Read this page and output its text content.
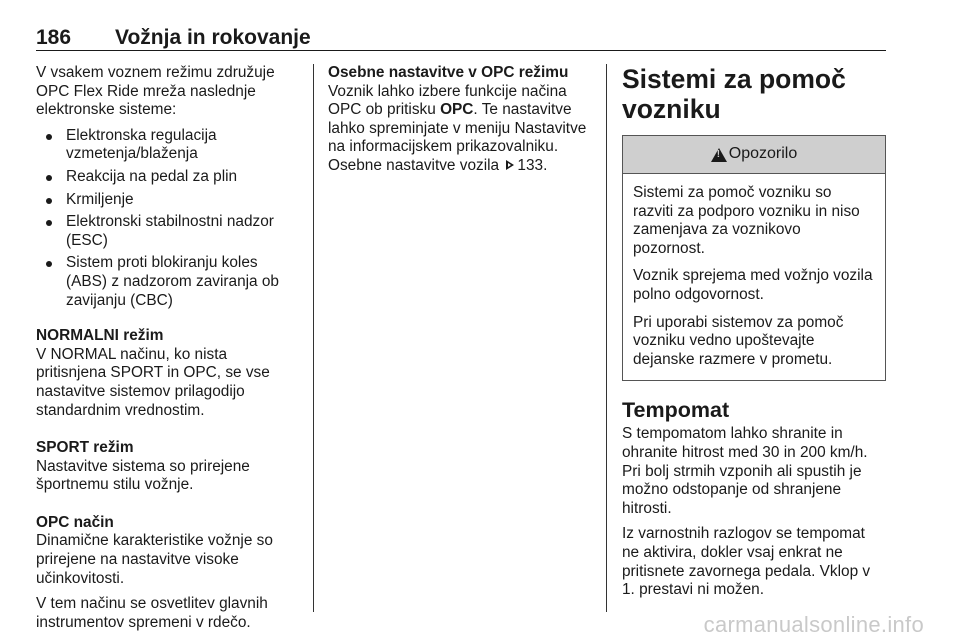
186 Vožnja in rokovanje

V vsakem voznem režimu združuje OPC Flex Ride mreža naslednje elektronske sisteme:

Elektronska regulacija vzmetenja/blaženja
Reakcija na pedal za plin
Krmiljenje
Elektronski stabilnostni nadzor (ESC)
Sistem proti blokiranju koles (ABS) z nadzorom zaviranja ob zavijanju (CBC)

NORMALNI režim

V NORMAL načinu, ko nista pritisnjena SPORT in OPC, se vse nastavitve sistemov prilagodijo standardnim vrednostim.

SPORT režim

Nastavitve sistema so prirejene športnemu stilu vožnje.

OPC način

Dinamične karakteristike vožnje so prirejene na nastavitve visoke učinkovitosti.

V tem načinu se osvetlitev glavnih instrumentov spremeni v rdečo.

Osebne nastavitve v OPC režimu

Voznik lahko izbere funkcije načina OPC ob pritisku OPC. Te nastavitve lahko spreminjate v meniju Nastavitve na informacijskem prikazovalniku. Osebne nastavitve vozila 133.

Sistemi za pomoč vozniku
!
Opozorilo

Sistemi za pomoč vozniku so razviti za podporo vozniku in niso zamenjava za voznikovo pozornost.

Voznik sprejema med vožnjo vozila polno odgovornost.

Pri uporabi sistemov za pomoč vozniku vedno upoštevajte dejanske razmere v prometu.

Tempomat

S tempomatom lahko shranite in ohranite hitrost med 30 in 200 km/h. Pri bolj strmih vzponih ali spustih je možno odstopanje od shranjene hitrosti.

Iz varnostnih razlogov se tempomat ne aktivira, dokler vsaj enkrat ne pritisnete zavornega pedala. Vklop v 1. prestavi ni možen.

carmanualsonline.info
